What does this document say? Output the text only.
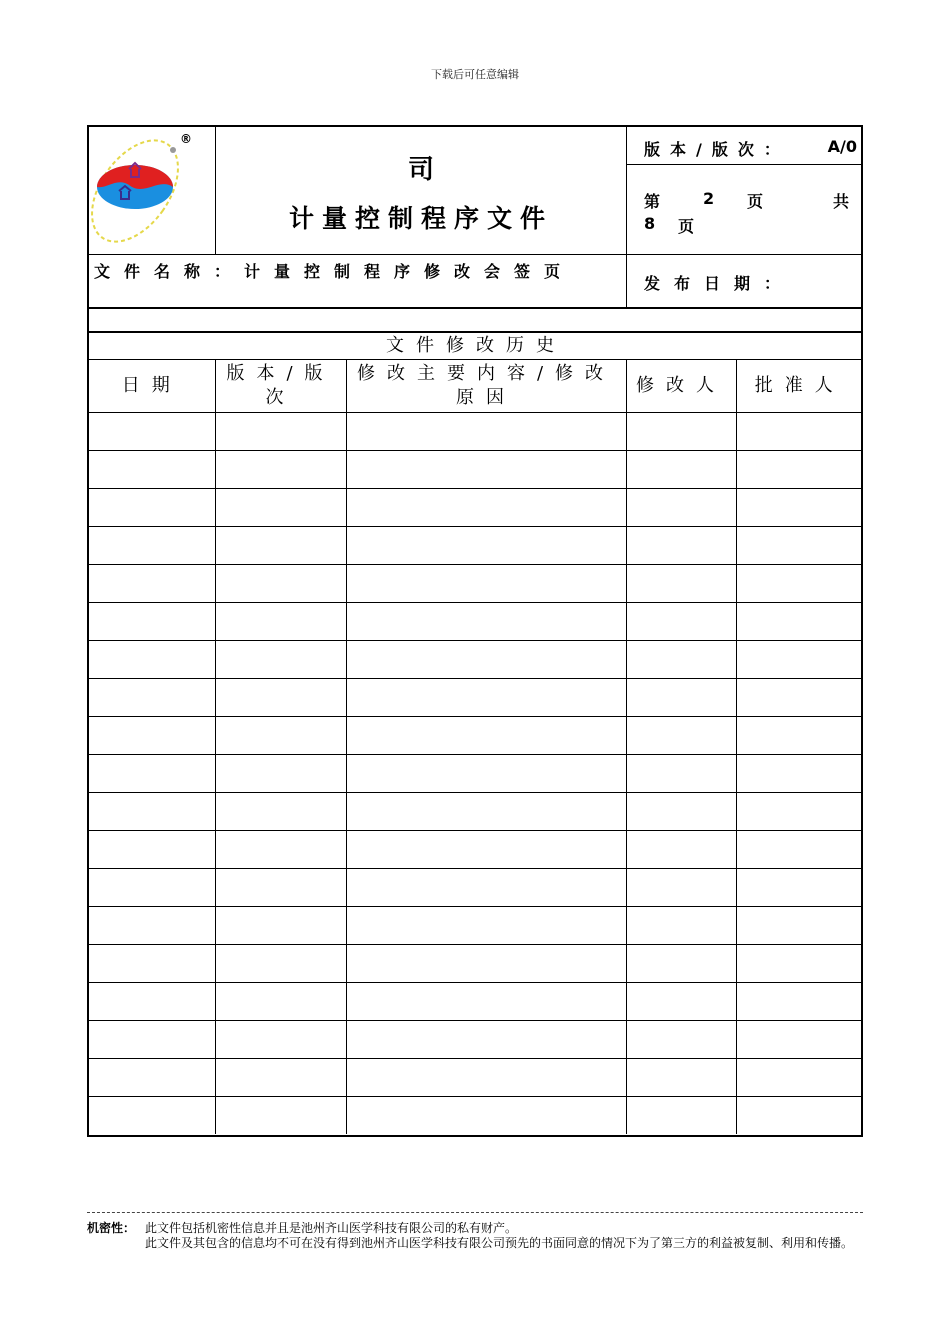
下载后可任意编辑
®
司
计量控制程序文件
版本/版次： A/0
第	2 页	共
8 页
文件名称：计量控制程序修改会签页
发布日期：

文件修改历史				
日期	版本/版次	修改主要内容/修改原因	修改人	批准人

机密性： 此文件包括机密性信息并且是池州齐山医学科技有限公司的私有财产。
此文件及其包含的信息均不可在没有得到池州齐山医学科技有限公司预先的书面同意的情况下为了第三方的利益被复制、利用和传播。
